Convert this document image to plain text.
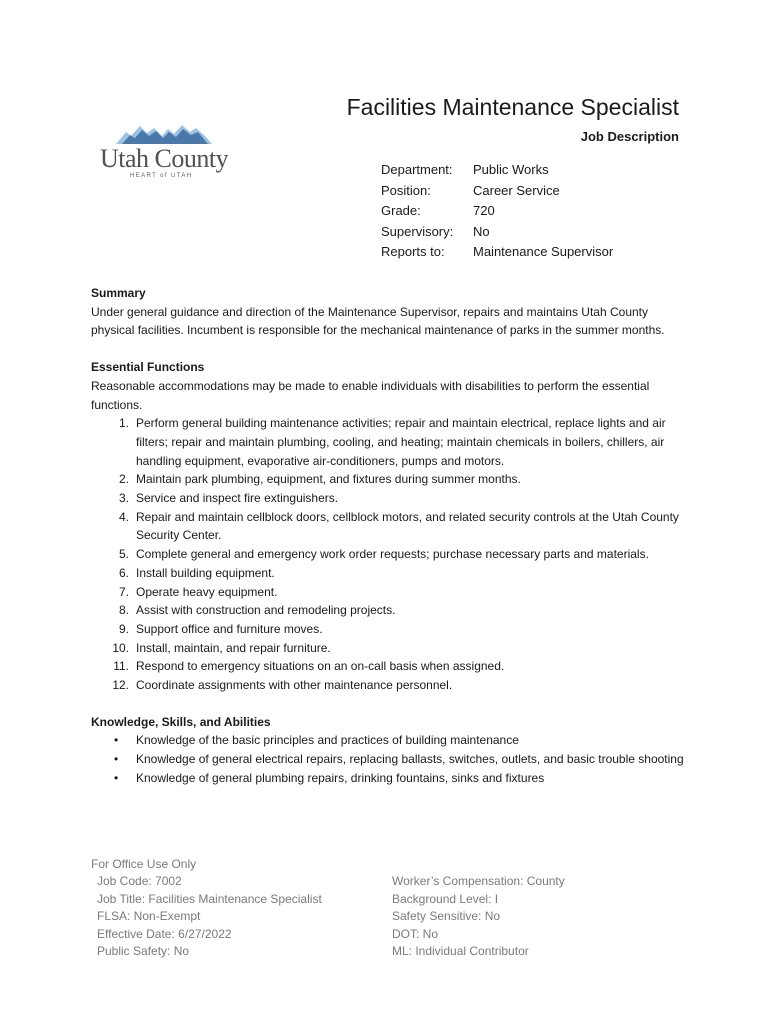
Utah County
HEART of UTAH
Facilities Maintenance Specialist
Job Description
Department: Public Works
Position:	Career Service
Grade:	720
Supervisory: No
Reports to: Maintenance Supervisor
Summary
Under general guidance and direction of the Maintenance Supervisor, repairs and maintains Utah County physical facilities. Incumbent is responsible for the mechanical maintenance of parks in the summer months.
Essential Functions
Reasonable accommodations may be made to enable individuals with disabilities to perform the essential functions.
1. Perform general building maintenance activities; repair and maintain electrical, replace lights and air filters; repair and maintain plumbing, cooling, and heating; maintain chemicals in boilers, chillers, air handling equipment, evaporative air-conditioners, pumps and motors.
2. Maintain park plumbing, equipment, and fixtures during summer months.
3. Service and inspect fire extinguishers.
4. Repair and maintain cellblock doors, cellblock motors, and related security controls at the Utah County Security Center.
5. Complete general and emergency work order requests; purchase necessary parts and materials.
6. Install building equipment.
7. Operate heavy equipment.
8. Assist with construction and remodeling projects.
9. Support office and furniture moves.
10. Install, maintain, and repair furniture.
11. Respond to emergency situations on an on-call basis when assigned.
12. Coordinate assignments with other maintenance personnel.
Knowledge, Skills, and Abilities
• Knowledge of the basic principles and practices of building maintenance
• Knowledge of general electrical repairs, replacing ballasts, switches, outlets, and basic trouble shooting
• Knowledge of general plumbing repairs, drinking fountains, sinks and fixtures
For Office Use Only
Job Code: 7002
Job Title: Facilities Maintenance Specialist
FLSA: Non-Exempt
Effective Date: 6/27/2022
Public Safety: No
Worker’s Compensation: County
Background Level: I
Safety Sensitive: No
DOT: No
ML: Individual Contributor
